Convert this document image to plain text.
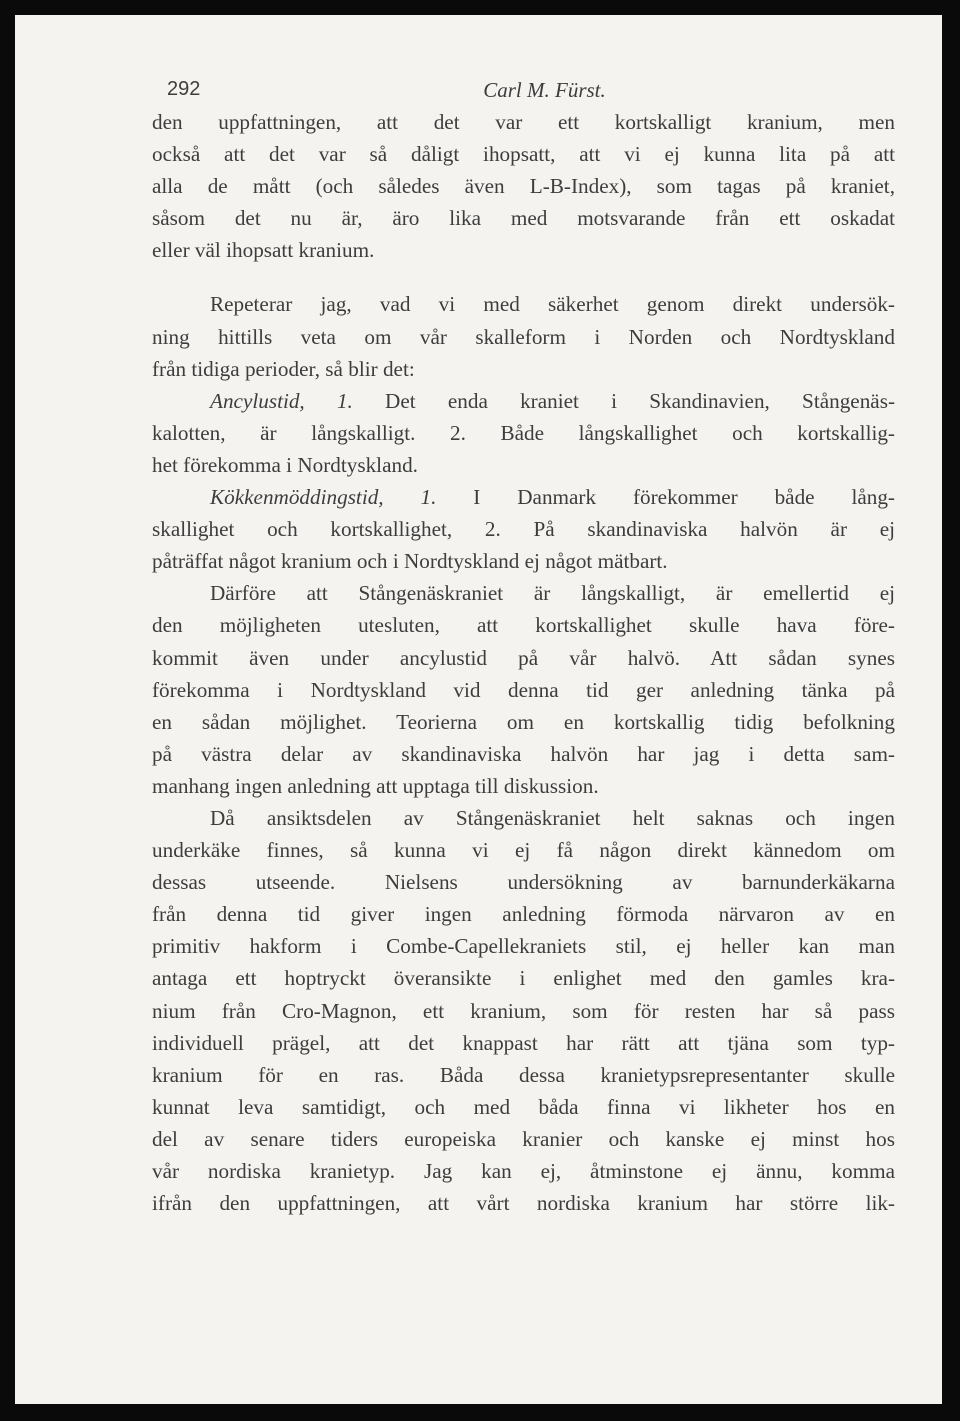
292	Carl M. Fürst.
den uppfattningen, att det var ett kortskalligt kranium, men
också att det var så dåligt ihopsatt, att vi ej kunna lita på att
alla de mått (och således även L-B-Index), som tagas på kraniet,
såsom det nu är, äro lika med motsvarande från ett oskadat
eller väl ihopsatt kranium.
Repeterar jag, vad vi med säkerhet genom direkt undersök-
ning hittills veta om vår skalleform i Norden och Nordtyskland
från tidiga perioder, så blir det:
Ancylustid, 1. Det enda kraniet i Skandinavien, Stångenäs-
kalotten, är långskalligt. 2. Både långskallighet och kortskallig-
het förekomma i Nordtyskland.
Kökkenmöddingstid, 1. I Danmark förekommer både lång-
skallighet och kortskallighet, 2. På skandinaviska halvön är ej
påträffat något kranium och i Nordtyskland ej något mätbart.
Därföre att Stångenäskraniet är långskalligt, är emellertid ej
den möjligheten utesluten, att kortskallighet skulle hava före-
kommit även under ancylustid på vår halvö. Att sådan synes
förekomma i Nordtyskland vid denna tid ger anledning tänka på
en sådan möjlighet. Teorierna om en kortskallig tidig befolkning
på västra delar av skandinaviska halvön har jag i detta sam-
manhang ingen anledning att upptaga till diskussion.
Då ansiktsdelen av Stångenäskraniet helt saknas och ingen
underkäke finnes, så kunna vi ej få någon direkt kännedom om
dessas utseende. Nielsens undersökning av barnunderkäkarna
från denna tid giver ingen anledning förmoda närvaron av en
primitiv hakform i Combe-Capellekraniets stil, ej heller kan man
antaga ett hoptryckt överansikte i enlighet med den gamles kra-
nium från Cro-Magnon, ett kranium, som för resten har så pass
individuell prägel, att det knappast har rätt att tjäna som typ-
kranium för en ras. Båda dessa kranietypsrepresentanter skulle
kunnat leva samtidigt, och med båda finna vi likheter hos en
del av senare tiders europeiska kranier och kanske ej minst hos
vår nordiska kranietyp. Jag kan ej, åtminstone ej ännu, komma
ifrån den uppfattningen, att vårt nordiska kranium har större lik-
